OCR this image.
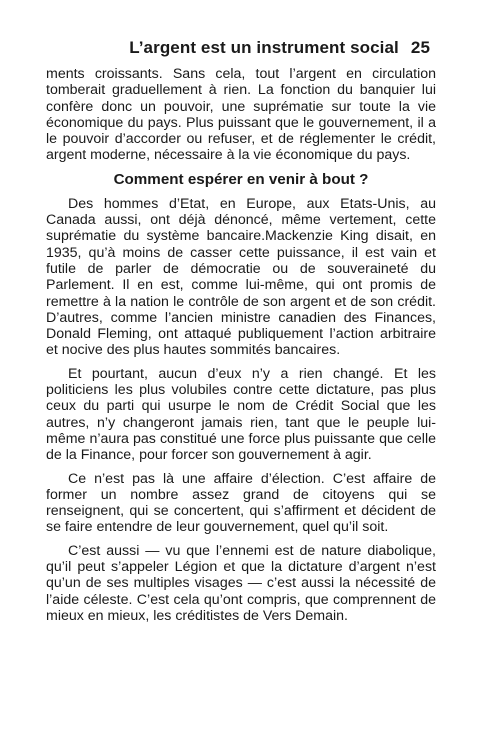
L’argent est un instrument social 25

ments croissants. Sans cela, tout l’argent en circulation tomberait graduellement à rien. La fonction du banquier lui confère donc un pouvoir, une suprématie sur toute la vie économique du pays. Plus puissant que le gouvernement, il a le pouvoir d’accorder ou refuser, et de réglementer le crédit, argent moderne, nécessaire à la vie économique du pays.

Comment espérer en venir à bout ?

Des hommes d’Etat, en Europe, aux Etats-Unis, au Canada aussi, ont déjà dénoncé, même vertement, cette suprématie du système bancaire.Mackenzie King disait, en 1935, qu’à moins de casser cette puissance, il est vain et futile de parler de démocratie ou de souveraineté du Parlement. Il en est, comme lui-même, qui ont promis de remettre à la nation le contrôle de son argent et de son crédit. D’autres, comme l’ancien ministre canadien des Finances, Donald Fleming, ont attaqué publiquement l’action arbitraire et nocive des plus hautes sommités bancaires.

Et pourtant, aucun d’eux n’y a rien changé. Et les politiciens les plus volubiles contre cette dictature, pas plus ceux du parti qui usurpe le nom de Crédit Social que les autres, n’y changeront jamais rien, tant que le peuple lui-même n’aura pas constitué une force plus puissante que celle de la Finance, pour forcer son gouvernement à agir.

Ce n’est pas là une affaire d’élection. C’est affaire de former un nombre assez grand de citoyens qui se renseignent, qui se concertent, qui s’affirment et décident de se faire entendre de leur gouvernement, quel qu’il soit.

C’est aussi — vu que l’ennemi est de nature diabolique, qu’il peut s’appeler Légion et que la dictature d’argent n’est qu’un de ses multiples visages — c’est aussi la nécessité de l’aide céleste. C’est cela qu’ont compris, que comprennent de mieux en mieux, les créditistes de Vers Demain.
